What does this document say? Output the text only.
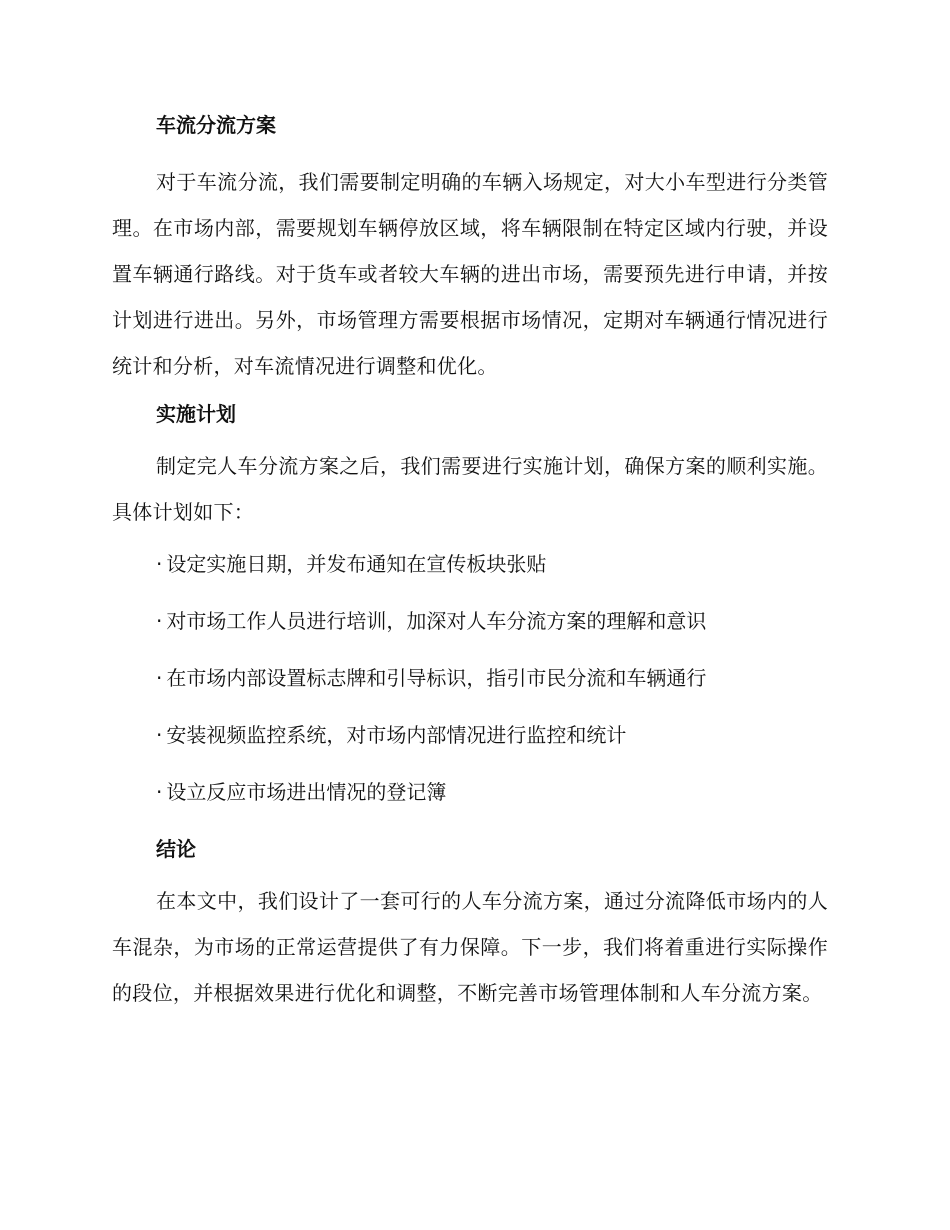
车流分流方案

对于车流分流，我们需要制定明确的车辆入场规定，对大小车型进行分类管理。在市场内部，需要规划车辆停放区域，将车辆限制在特定区域内行驶，并设置车辆通行路线。对于货车或者较大车辆的进出市场，需要预先进行申请，并按计划进行进出。另外，市场管理方需要根据市场情况，定期对车辆通行情况进行统计和分析，对车流情况进行调整和优化。

实施计划

制定完人车分流方案之后，我们需要进行实施计划，确保方案的顺利实施。具体计划如下：

· 设定实施日期，并发布通知在宣传板块张贴
· 对市场工作人员进行培训，加深对人车分流方案的理解和意识
· 在市场内部设置标志牌和引导标识，指引市民分流和车辆通行
· 安装视频监控系统，对市场内部情况进行监控和统计
· 设立反应市场进出情况的登记簿
结论

在本文中，我们设计了一套可行的人车分流方案，通过分流降低市场内的人车混杂，为市场的正常运营提供了有力保障。下一步，我们将着重进行实际操作的段位，并根据效果进行优化和调整，不断完善市场管理体制和人车分流方案。
